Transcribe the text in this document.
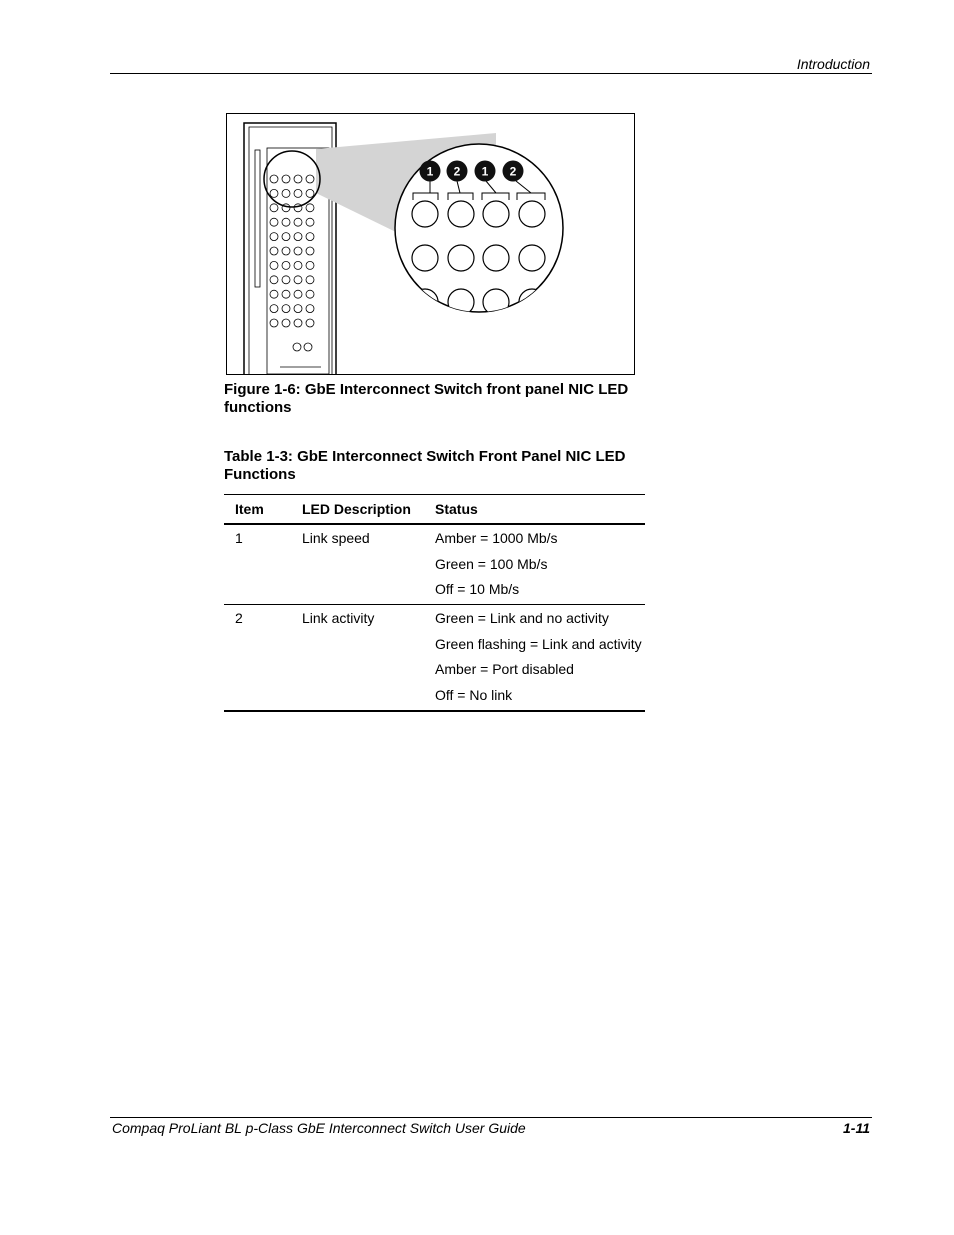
Introduction
1 2 1 2
Figure 1-6: GbE Interconnect Switch front panel NIC LED functions
Table 1-3: GbE Interconnect Switch Front Panel NIC LED Functions
Item	LED Description	Status

1	Link speed	Amber = 1000 Mb/s
Green = 100 Mb/s
Off = 10 Mb/s

2	Link activity	Green = Link and no activity
Green flashing = Link and activity
Amber = Port disabled
Off = No link
Compaq ProLiant BL p-Class GbE Interconnect Switch User Guide	1-11
